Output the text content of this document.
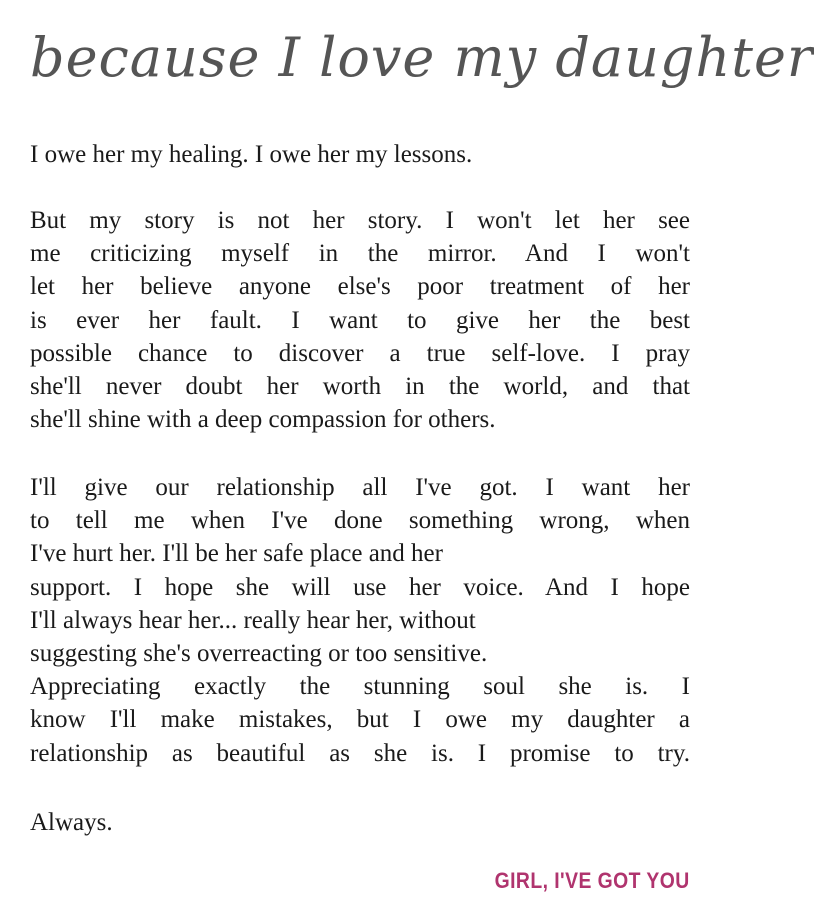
because I love my daughter
I owe her my healing. I owe her my lessons.
But my story is not her story. I won't let her see
me criticizing myself in the mirror. And I won't
let her believe anyone else's poor treatment of her
is ever her fault. I want to give her the best
possible chance to discover a true self-love. I pray
she'll never doubt her worth in the world, and that
she'll shine with a deep compassion for others.
I'll give our relationship all I've got. I want her
to tell me when I've done something wrong, when
I've hurt her. I'll be her safe place and her
support. I hope she will use her voice. And I hope
I'll always hear her... really hear her, without
suggesting she's overreacting or too sensitive.
Appreciating exactly the stunning soul she is. I
know I'll make mistakes, but I owe my daughter a
relationship as beautiful as she is. I promise to try.
Always.
GIRL, I'VE GOT YOU
